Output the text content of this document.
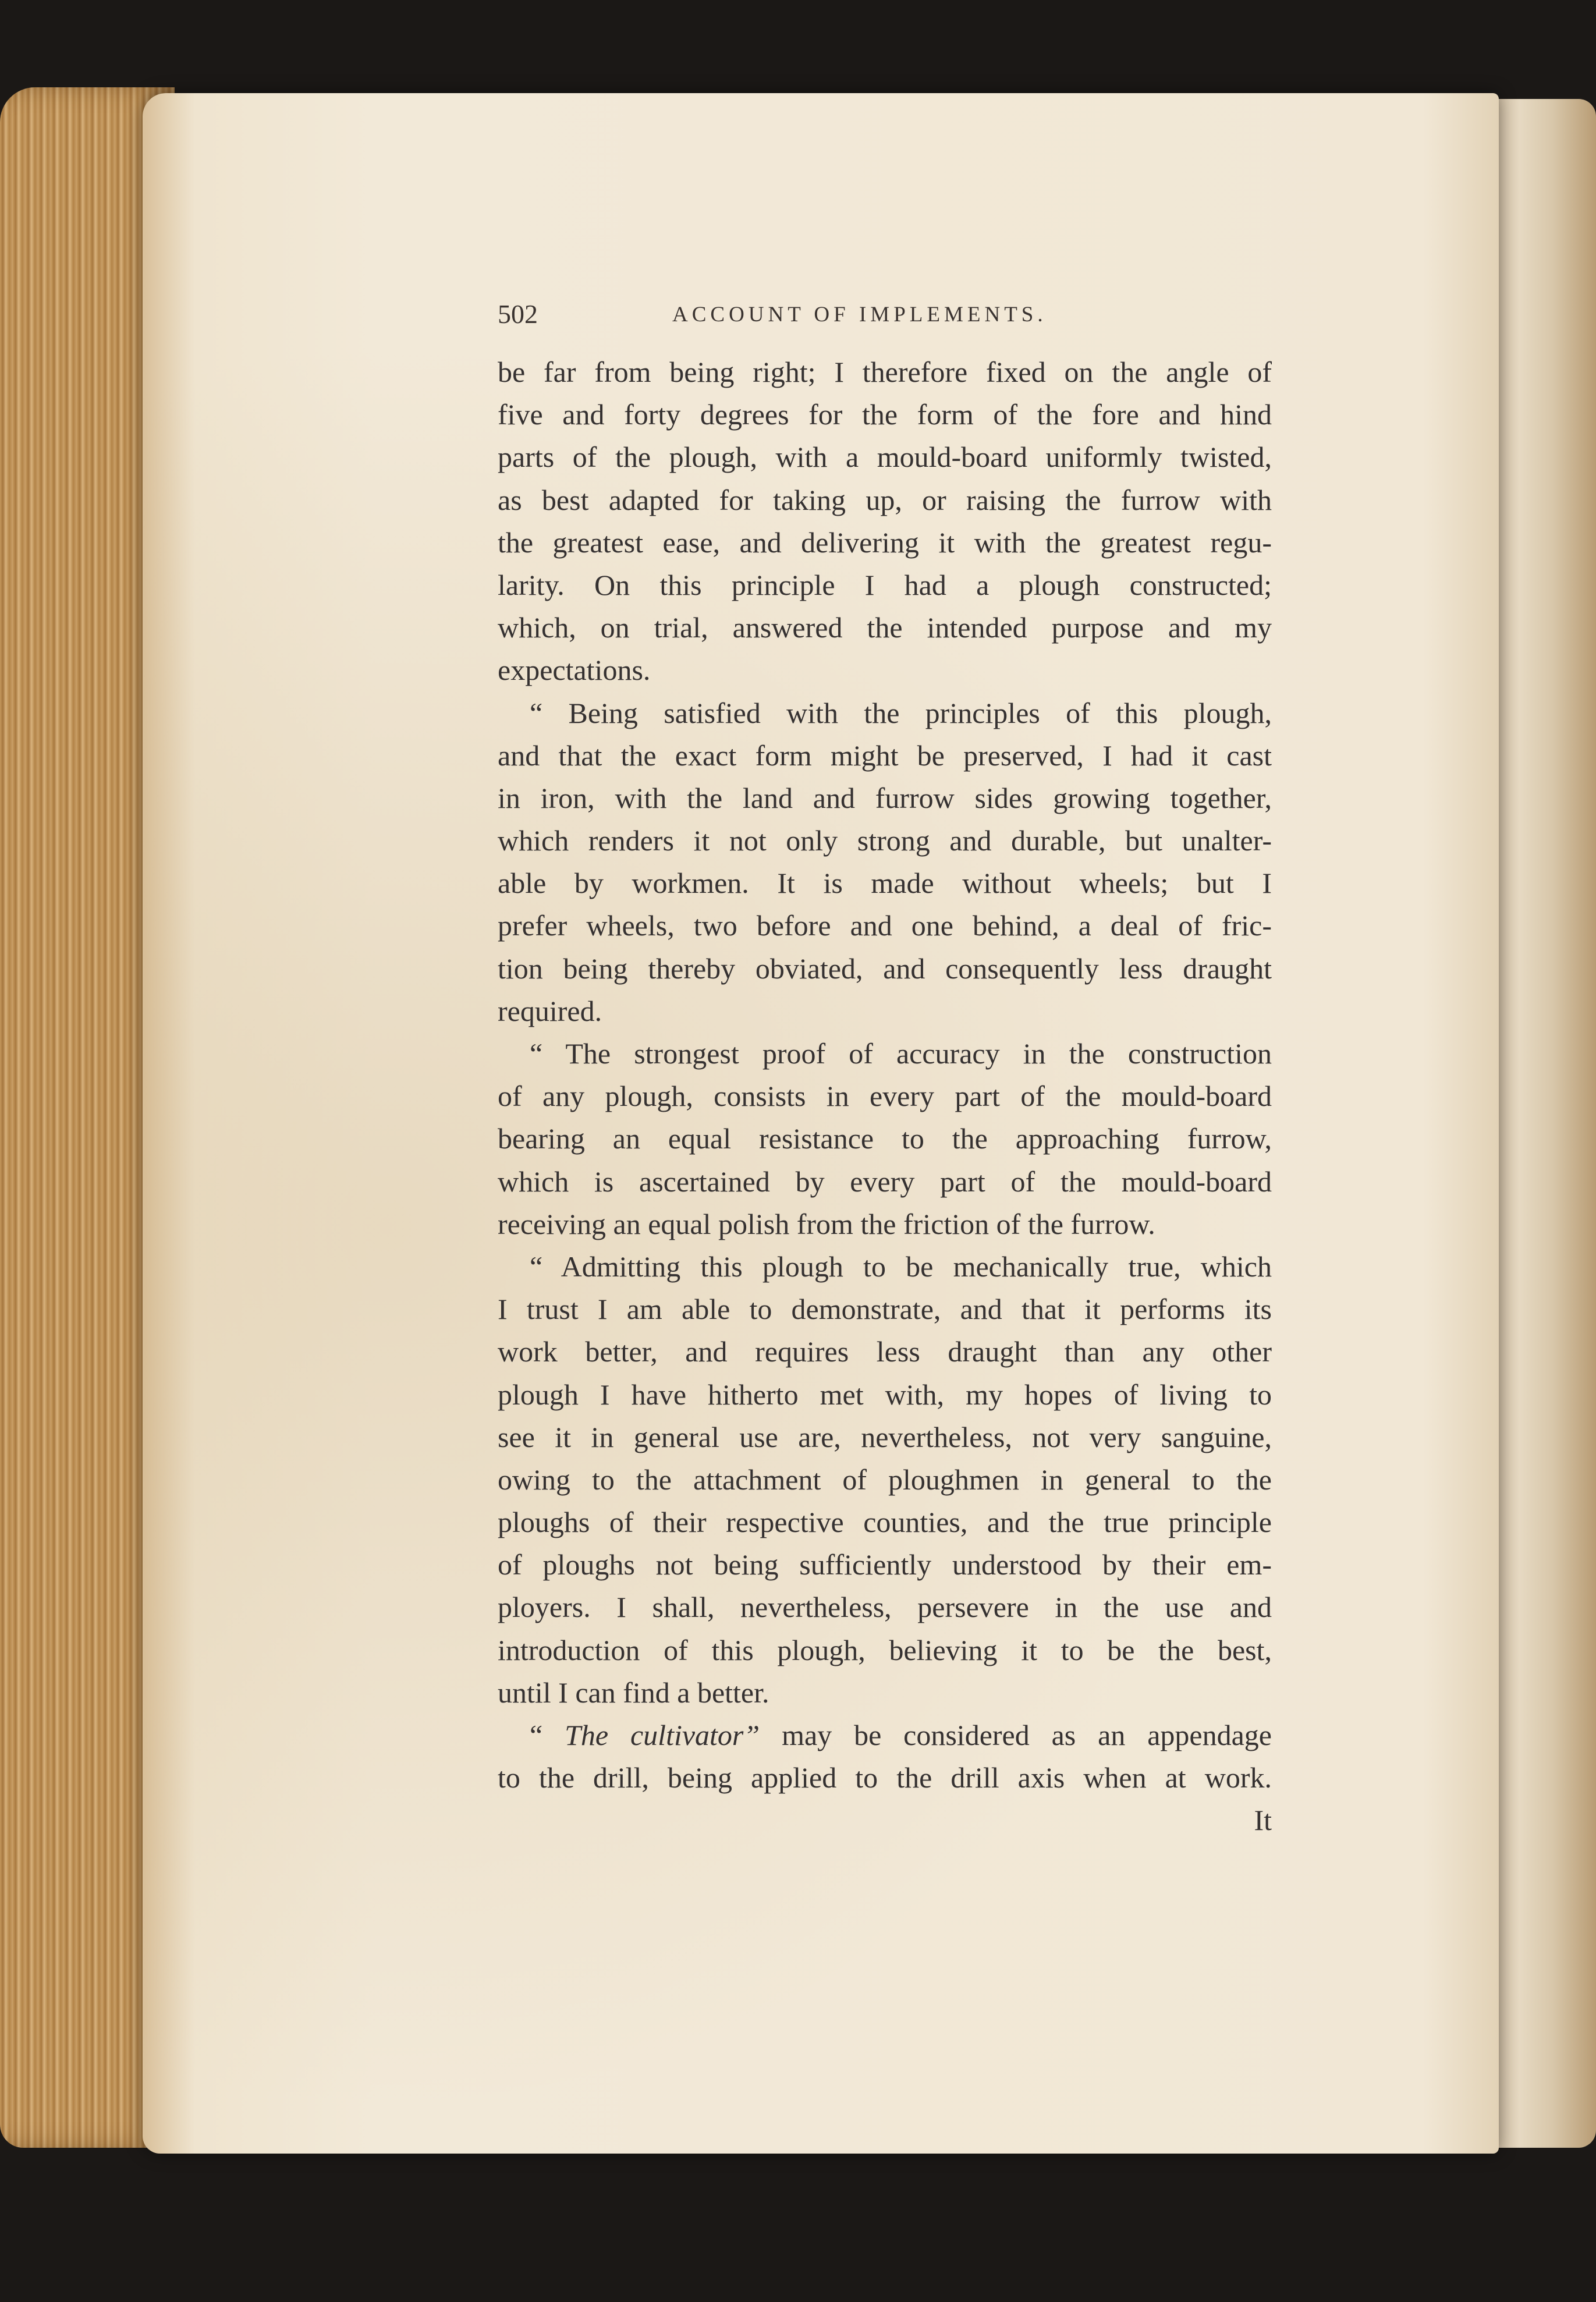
502	ACCOUNT OF IMPLEMENTS.
be far from being right; I therefore fixed on the angle of
five and forty degrees for the form of the fore and hind
parts of the plough, with a mould-board uniformly twisted,
as best adapted for taking up, or raising the furrow with
the greatest ease, and delivering it with the greatest regu-
larity. On this principle I had a plough constructed;
which, on trial, answered the intended purpose and my
expectations.
“ Being satisfied with the principles of this plough,
and that the exact form might be preserved, I had it cast
in iron, with the land and furrow sides growing together,
which renders it not only strong and durable, but unalter-
able by workmen. It is made without wheels; but I
prefer wheels, two before and one behind, a deal of fric-
tion being thereby obviated, and consequently less draught
required.
“ The strongest proof of accuracy in the construction
of any plough, consists in every part of the mould-board
bearing an equal resistance to the approaching furrow,
which is ascertained by every part of the mould-board
receiving an equal polish from the friction of the furrow.
“ Admitting this plough to be mechanically true, which
I trust I am able to demonstrate, and that it performs its
work better, and requires less draught than any other
plough I have hitherto met with, my hopes of living to
see it in general use are, nevertheless, not very sanguine,
owing to the attachment of ploughmen in general to the
ploughs of their respective counties, and the true principle
of ploughs not being sufficiently understood by their em-
ployers. I shall, nevertheless, persevere in the use and
introduction of this plough, believing it to be the best,
until I can find a better.
“ The cultivator” may be considered as an appendage
to the drill, being applied to the drill axis when at work.
It
